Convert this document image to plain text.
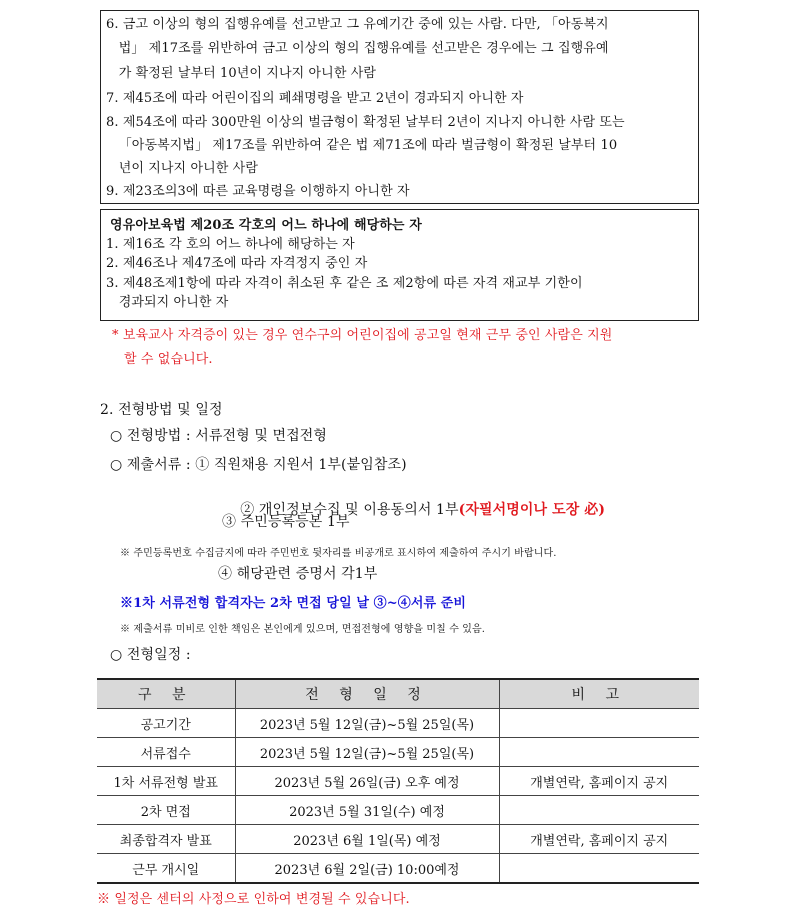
6. 금고 이상의 형의 집행유예를 선고받고 그 유예기간 중에 있는 사람. 다만, 「아동복지
법」 제17조를 위반하여 금고 이상의 형의 집행유예를 선고받은 경우에는 그 집행유예
가 확정된 날부터 10년이 지나지 아니한 사람
7. 제45조에 따라 어린이집의 폐쇄명령을 받고 2년이 경과되지 아니한 자
8. 제54조에 따라 300만원 이상의 벌금형이 확정된 날부터 2년이 지나지 아니한 사람 또는
「아동복지법」 제17조를 위반하여 같은 법 제71조에 따라 벌금형이 확정된 날부터 10
년이 지나지 아니한 사람
9. 제23조의3에 따른 교육명령을 이행하지 아니한 자
영유아보육법 제20조 각호의 어느 하나에 해당하는 자
1. 제16조 각 호의 어느 하나에 해당하는 자
2. 제46조나 제47조에 따라 자격정지 중인 자
3. 제48조제1항에 따라 자격이 취소된 후 같은 조 제2항에 따른 자격 재교부 기한이
경과되지 아니한 자
* 보육교사 자격증이 있는 경우 연수구의 어린이집에 공고일 현재 근무 중인 사람은 지원
할 수 없습니다.
2. 전형방법 및 일정
○ 전형방법 : 서류전형 및 면접전형
○ 제출서류 : ① 직원채용 지원서 1부(붙임참조)

② 개인정보수집 및 이용동의서 1부(자필서명이나 도장 必)

③ 주민등록등본 1부
※ 주민등록번호 수집금지에 따라 주민번호 뒷자리를 비공개로 표시하여 제출하여 주시기 바랍니다.
④ 해당관련 증명서 각1부
※1차 서류전형 합격자는 2차 면접 당일 날 ③~④서류 준비
※ 제출서류 미비로 인한 책임은 본인에게 있으며, 면접전형에 영향을 미칠 수 있음.
○ 전형일정 :
구 분	전 형 일 정	비 고
공고기간	2023년 5월 12일(금)~5월 25일(목)	
서류접수	2023년 5월 12일(금)~5월 25일(목)	
1차 서류전형 발표	2023년 5월 26일(금) 오후 예정	개별연락, 홈페이지 공지
2차 면접	2023년 5월 31일(수) 예정	
최종합격자 발표	2023년 6월 1일(목) 예정	개별연락, 홈페이지 공지
근무 개시일	2023년 6월 2일(금) 10:00예정	
※ 일정은 센터의 사정으로 인하여 변경될 수 있습니다.
